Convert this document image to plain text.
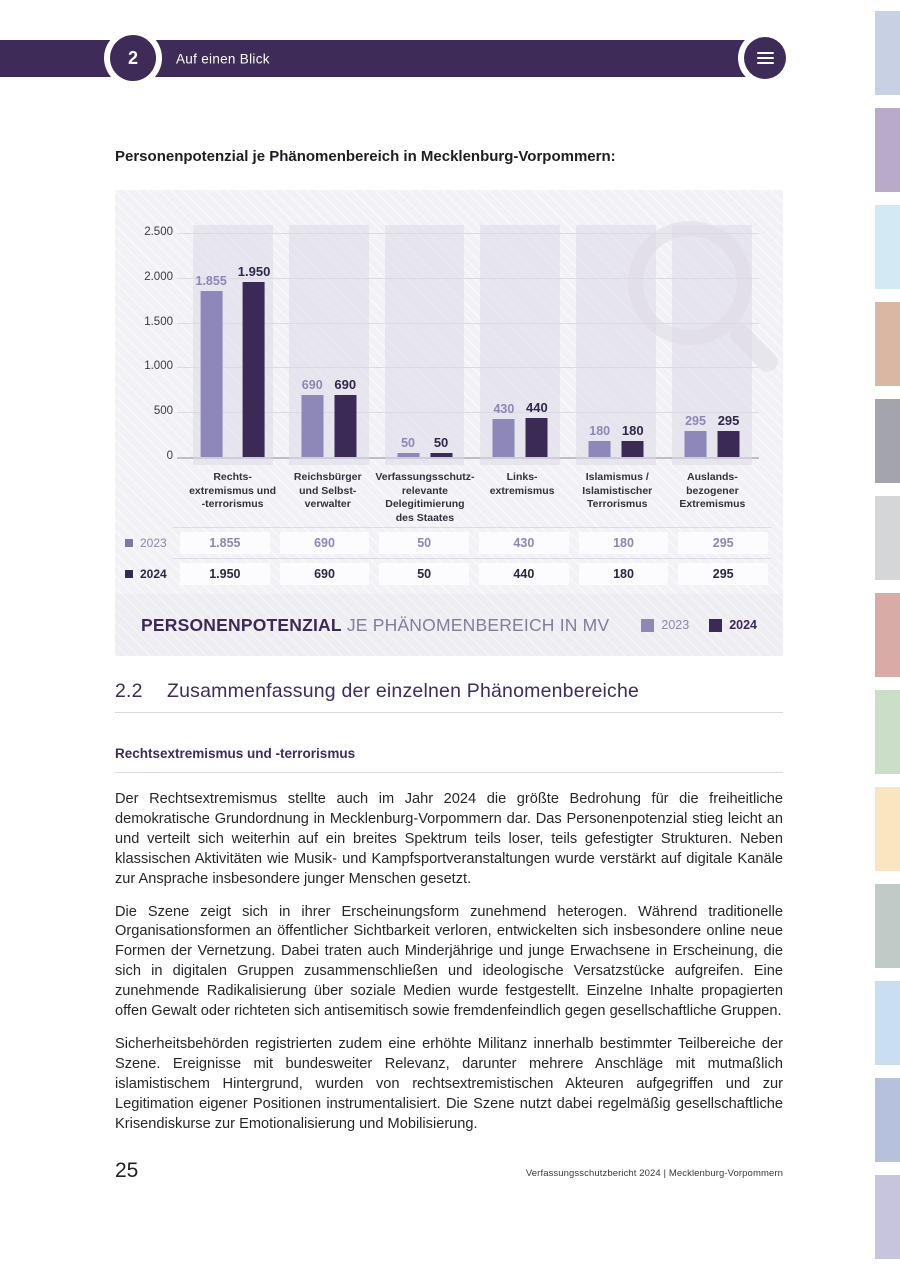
2	Auf einen Blick

Personenpotenzial je Phänomenbereich in Mecklenburg-Vorpommern:

2.500
2.000
1.500
1.000
500
0
1.855
1.950
690 690
50 50
430 440
180 180
295 295
Rechts-
extremismus und
-terrorismus
Reichsbürger
und Selbst-
verwalter
Verfassungsschutz-
relevante
Delegitimierung
des Staates
Links-
extremismus
Islamismus /
Islamistischer
Terrorismus
Auslands-
bezogener
Extremismus
2023	1.855	690	50	430	180	295
2024	1.950	690	50	440	180	295
PERSONENPOTENZIAL JE PHÄNOMENBEREICH IN MV	2023	2024
2.2	Zusammenfassung der einzelnen Phänomenbereiche
Rechtsextremismus und -terrorismus

Der Rechtsextremismus stellte auch im Jahr 2024 die größte Bedrohung für die freiheitliche demokratische Grundordnung in Mecklenburg-Vorpommern dar. Das Personenpotenzial stieg leicht an und verteilt sich weiterhin auf ein breites Spektrum teils loser, teils gefestigter Strukturen. Neben klassischen Aktivitäten wie Musik- und Kampfsportveranstaltungen wurde verstärkt auf digitale Kanäle zur Ansprache insbesondere junger Menschen gesetzt.

Die Szene zeigt sich in ihrer Erscheinungsform zunehmend heterogen. Während traditionelle Organisationsformen an öffentlicher Sichtbarkeit verloren, entwickelten sich insbesondere online neue Formen der Vernetzung. Dabei traten auch Minderjährige und junge Erwachsene in Erscheinung, die sich in digitalen Gruppen zusammenschließen und ideologische Versatzstücke aufgreifen. Eine zunehmende Radikalisierung über soziale Medien wurde festgestellt. Einzelne Inhalte propagierten offen Gewalt oder richteten sich antisemitisch sowie fremdenfeindlich gegen gesellschaftliche Gruppen.

Sicherheitsbehörden registrierten zudem eine erhöhte Militanz innerhalb bestimmter Teilbereiche der Szene. Ereignisse mit bundesweiter Relevanz, darunter mehrere Anschläge mit mutmaßlich islamistischem Hintergrund, wurden von rechtsextremistischen Akteuren aufgegriffen und zur Legitimation eigener Positionen instrumentalisiert. Die Szene nutzt dabei regelmäßig gesellschaftliche Krisendiskurse zur Emotionalisierung und Mobilisierung.

25	Verfassungsschutzbericht 2024 | Mecklenburg-Vorpommern
